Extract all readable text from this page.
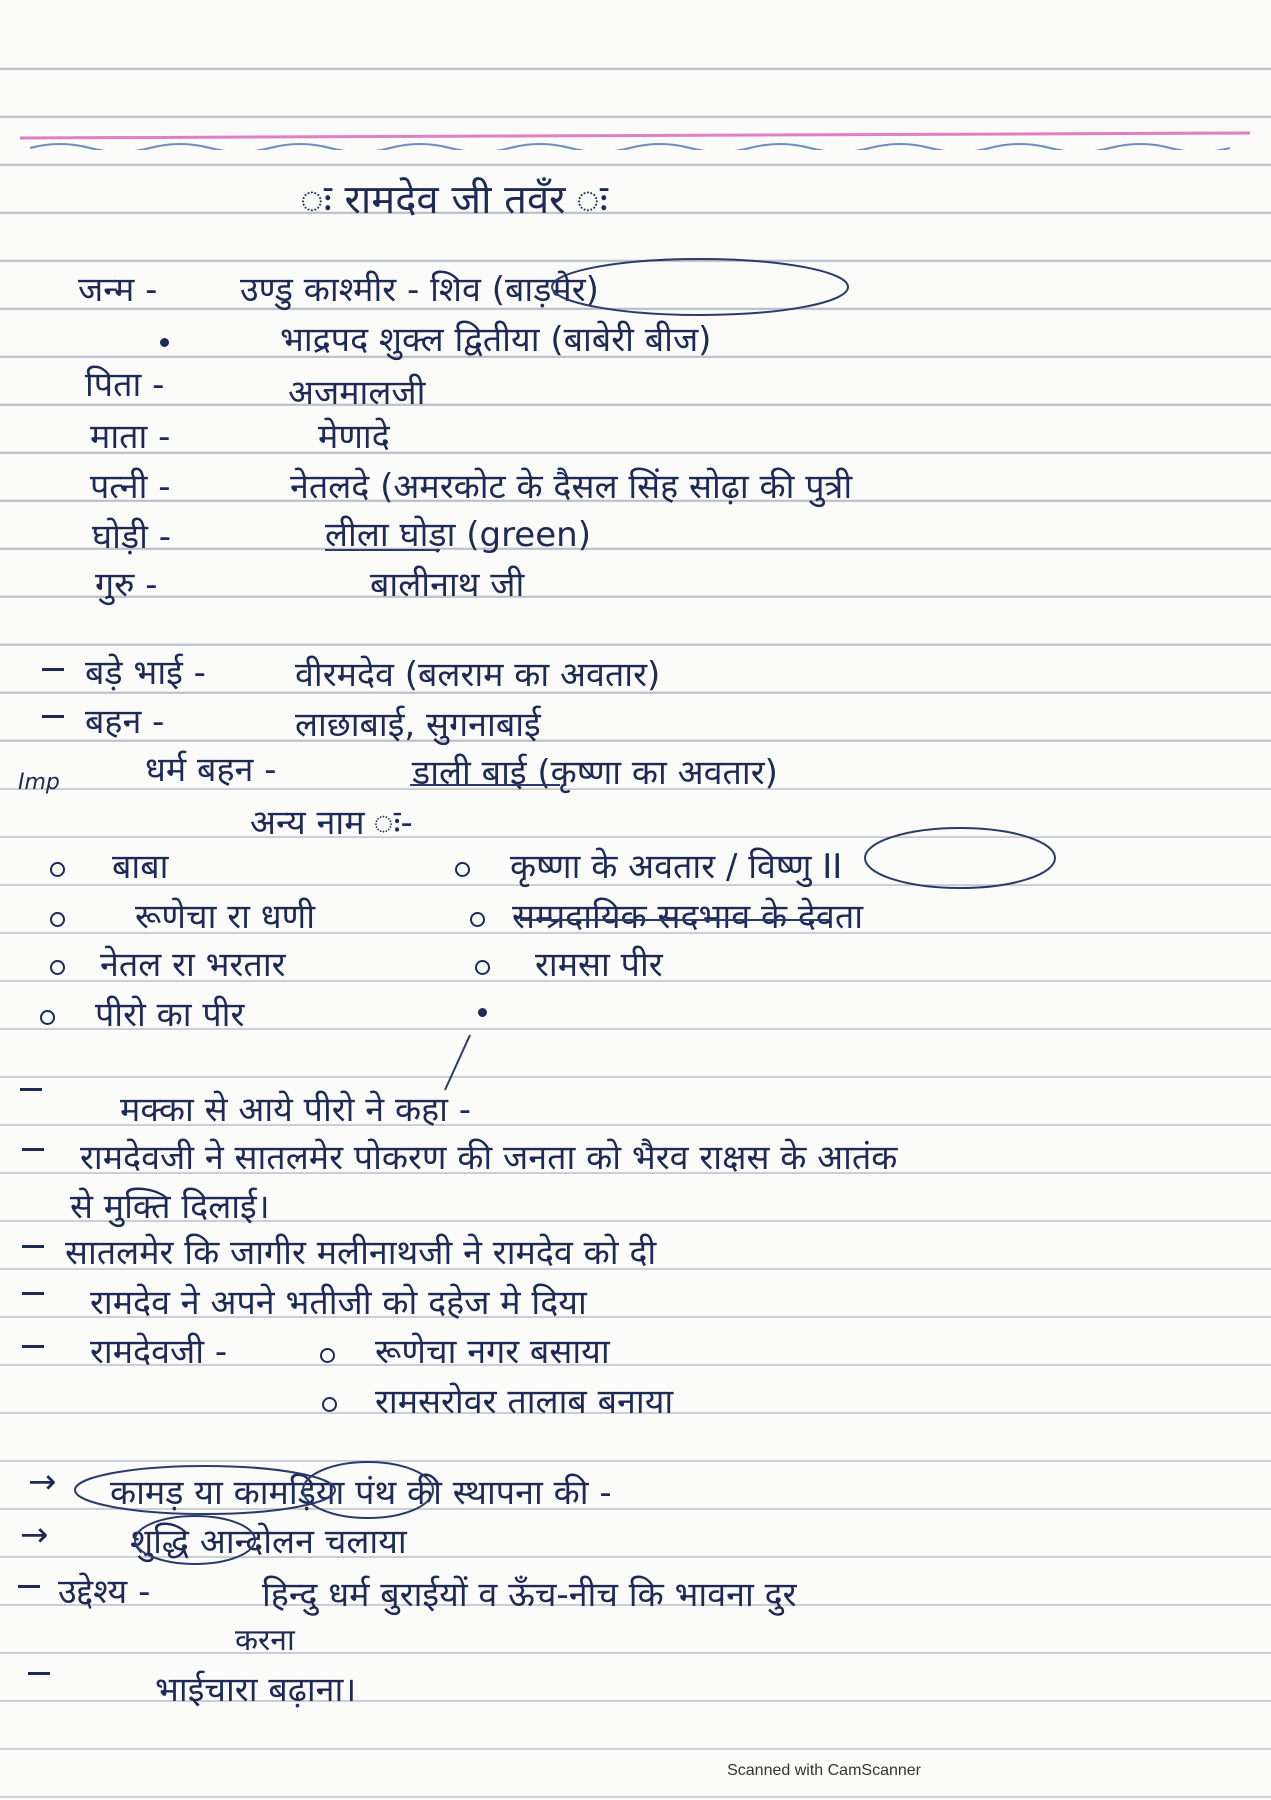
ः रामदेव जी तवँर ः
जन्म - उण्डु काश्मीर - शिव (बाड़मेर)
भाद्रपद शुक्ल द्वितीया (बाबेरी बीज)
पिता -	अजमालजी
माता -	मेणादे
पत्नी -	नेतलदे (अमरकोट के दैसल सिंह सोढ़ा की पुत्री
घोड़ी -	लीला घोड़ा (green)
गुरु -	बालीनाथ जी
बड़े भाई -	वीरमदेव (बलराम का अवतार)
बहन -	लाछाबाई, सुगनाबाई
Imp	धर्म बहन -	डाली बाई (कृष्णा का अवतार)
अन्य नाम ः-
बाबा
रूणेचा रा धणी
नेतल रा भरतार
पीरो का पीर
कृष्णा के अवतार / विष्णु II
सम्प्रदायिक सदभाव के देवता
रामसा पीर
मक्का से आये पीरो ने कहा -
रामदेवजी ने सातलमेर पोकरण की जनता को भैरव राक्षस के आतंक
से मुक्ति दिलाई।
सातलमेर कि जागीर मलीनाथजी ने रामदेव को दी
रामदेव ने अपने भतीजी को दहेज मे दिया
रामदेवजी -	रूणेचा नगर बसाया
रामसरोवर तालाब बनाया
→ कामड़ या कामड़िया पंथ की स्थापना की -
→ शुद्धि आन्दोलन चलाया
उद्देश्य -	हिन्दु धर्म बुराईयों व ऊँच-नीच कि भावना दुर
करना
भाईचारा बढ़ाना।
Scanned with CamScanner
